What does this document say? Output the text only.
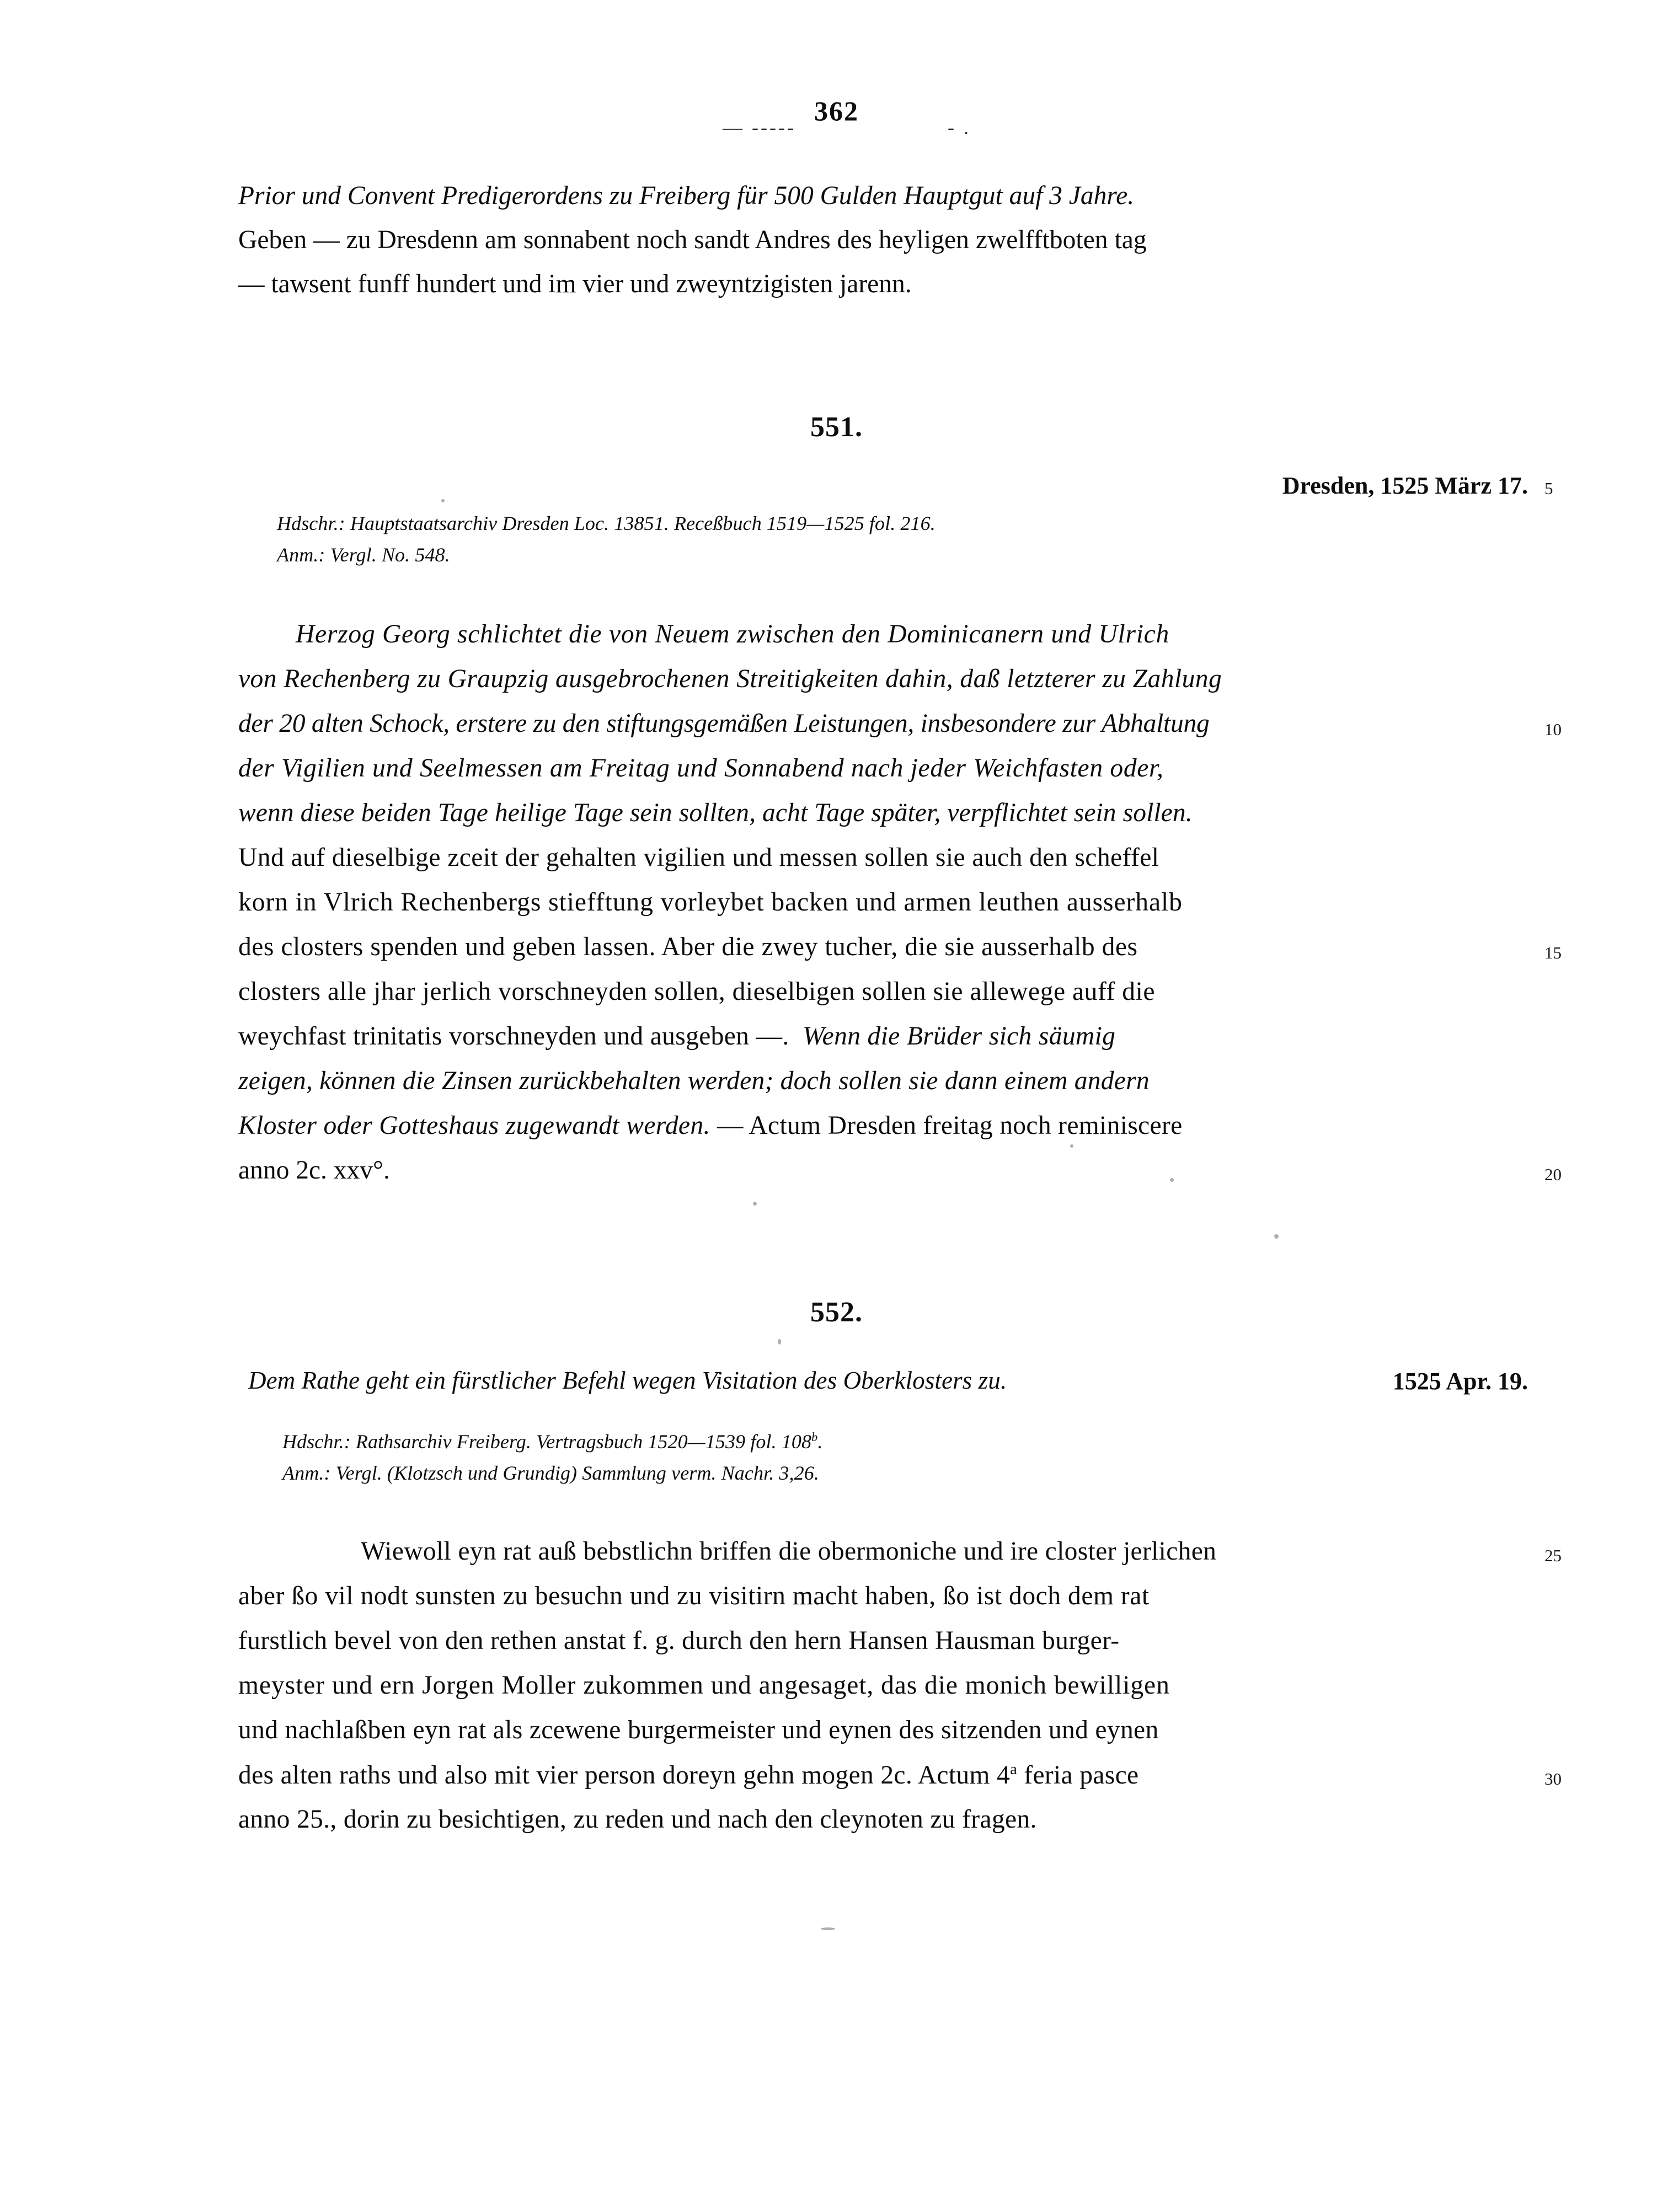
— -----
362
- .
Prior und Convent Predigerordens zu Freiberg für 500 Gulden Hauptgut auf 3 Jahre.
Geben — zu Dresdenn am sonnabent noch sandt Andres des heyligen zwelfftboten tag
— tawsent funff hundert und im vier und zweyntzigisten jarenn.
551.
Dresden, 1525 März 17. 5
Hdschr.: Hauptstaatsarchiv Dresden Loc. 13851. Receßbuch 1519—1525 fol. 216.
Anm.: Vergl. No. 548.
Herzog Georg schlichtet die von Neuem zwischen den Dominicanern und Ulrich
von Rechenberg zu Graupzig ausgebrochenen Streitigkeiten dahin, daß letzterer zu Zahlung
der 20 alten Schock, erstere zu den stiftungsgemäßen Leistungen, insbesondere zur Abhaltung
der Vigilien und Seelmessen am Freitag und Sonnabend nach jeder Weichfasten oder,
wenn diese beiden Tage heilige Tage sein sollten, acht Tage später, verpflichtet sein sollen.
10
Und auf dieselbige zceit der gehalten vigilien und messen sollen sie auch den scheffel
korn in Vlrich Rechenbergs stiefftung vorleybet backen und armen leuthen ausserhalb
des closters spenden und geben lassen. Aber die zwey tucher, die sie ausserhalb des
closters alle jhar jerlich vorschneyden sollen, dieselbigen sollen sie allewege auff die
weychfast trinitatis vorschneyden und ausgeben —. Wenn die Brüder sich säumig
zeigen, können die Zinsen zurückbehalten werden; doch sollen sie dann einem andern
Kloster oder Gotteshaus zugewandt werden. — Actum Dresden freitag noch reminiscere
anno 2c. xxv°.
15
20
552.
Dem Rathe geht ein fürstlicher Befehl wegen Visitation des Oberklosters zu.	1525 Apr. 19.
Hdschr.: Rathsarchiv Freiberg. Vertragsbuch 1520—1539 fol. 108$^b$.
Anm.: Vergl. (Klotzsch und Grundig) Sammlung verm. Nachr. 3,26.
Wiewoll eyn rat auß bebstlichn briffen die obermoniche und ire closter jerlichen
aber ßo vil nodt sunsten zu besuchn und zu visitirn macht haben, ßo ist doch dem rat
furstlich bevel von den rethen anstat f. g. durch den hern Hansen Hausman burger-
meyster und ern Jorgen Moller zukommen und angesaget, das die monich bewilligen
und nachlaßben eyn rat als zcewene burgermeister und eynen des sitzenden und eynen
des alten raths und also mit vier person doreyn gehn mogen 2c. Actum 4$^a$ feria pasce
anno 25., dorin zu besichtigen, zu reden und nach den cleynoten zu fragen.
25
30
